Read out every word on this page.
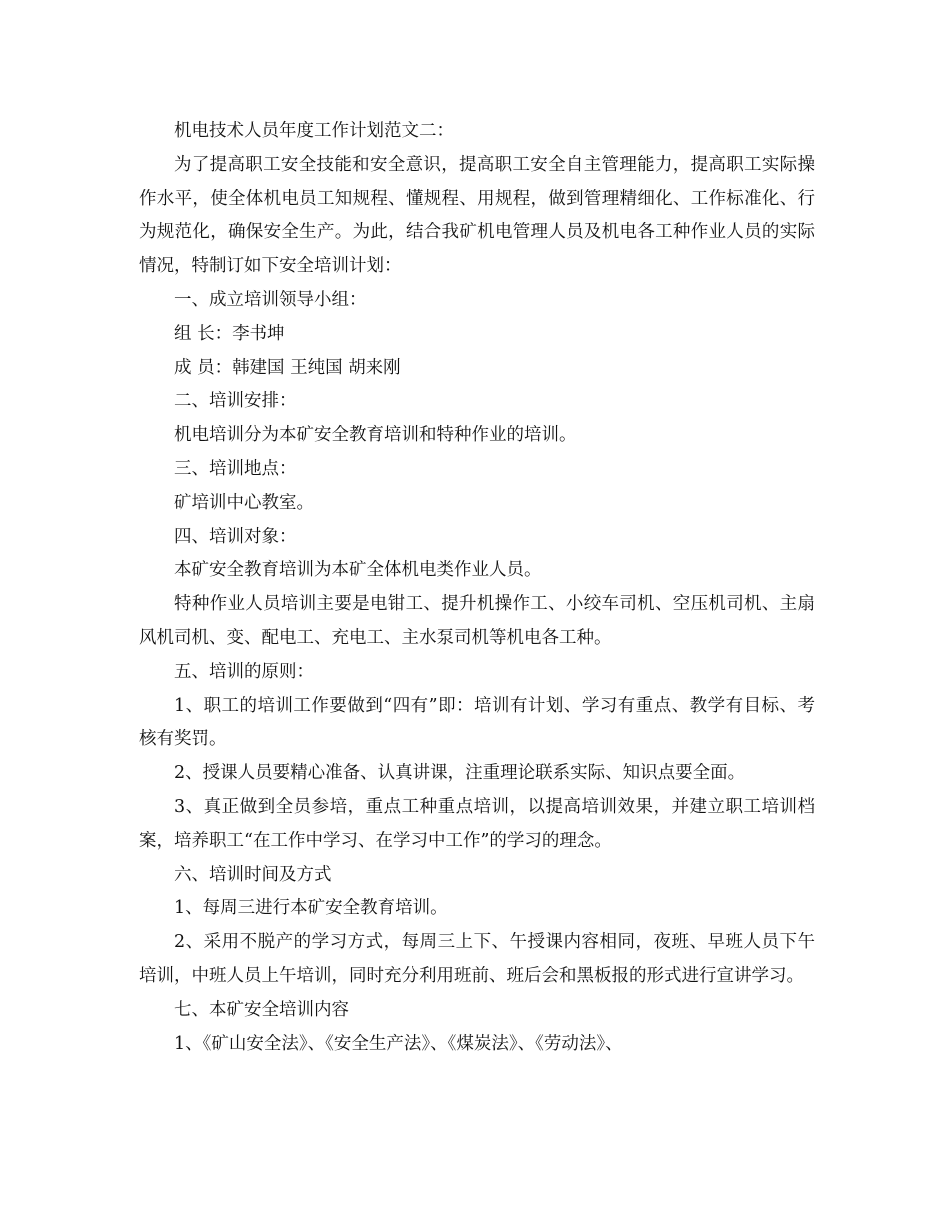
机电技术人员年度工作计划范文二：

为了提高职工安全技能和安全意识，提高职工安全自主管理能力，提高职工实际操作水平，使全体机电员工知规程、懂规程、用规程，做到管理精细化、工作标准化、行为规范化，确保安全生产。为此，结合我矿机电管理人员及机电各工种作业人员的实际情况，特制订如下安全培训计划：

一、成立培训领导小组：

组 长：李书坤

成 员：韩建国 王纯国 胡来刚

二、培训安排：

机电培训分为本矿安全教育培训和特种作业的培训。

三、培训地点：

矿培训中心教室。

四、培训对象：

本矿安全教育培训为本矿全体机电类作业人员。

特种作业人员培训主要是电钳工、提升机操作工、小绞车司机、空压机司机、主扇风机司机、变、配电工、充电工、主水泵司机等机电各工种。

五、培训的原则：

1、职工的培训工作要做到“四有”即：培训有计划、学习有重点、教学有目标、考核有奖罚。

2、授课人员要精心准备、认真讲课，注重理论联系实际、知识点要全面。

3、真正做到全员参培，重点工种重点培训，以提高培训效果，并建立职工培训档案，培养职工“在工作中学习、在学习中工作”的学习的理念。

六、培训时间及方式

1、每周三进行本矿安全教育培训。

2、采用不脱产的学习方式，每周三上下、午授课内容相同，夜班、早班人员下午培训，中班人员上午培训，同时充分利用班前、班后会和黑板报的形式进行宣讲学习。

七、本矿安全培训内容

1、《矿山安全法》、《安全生产法》、《煤炭法》、《劳动法》、
